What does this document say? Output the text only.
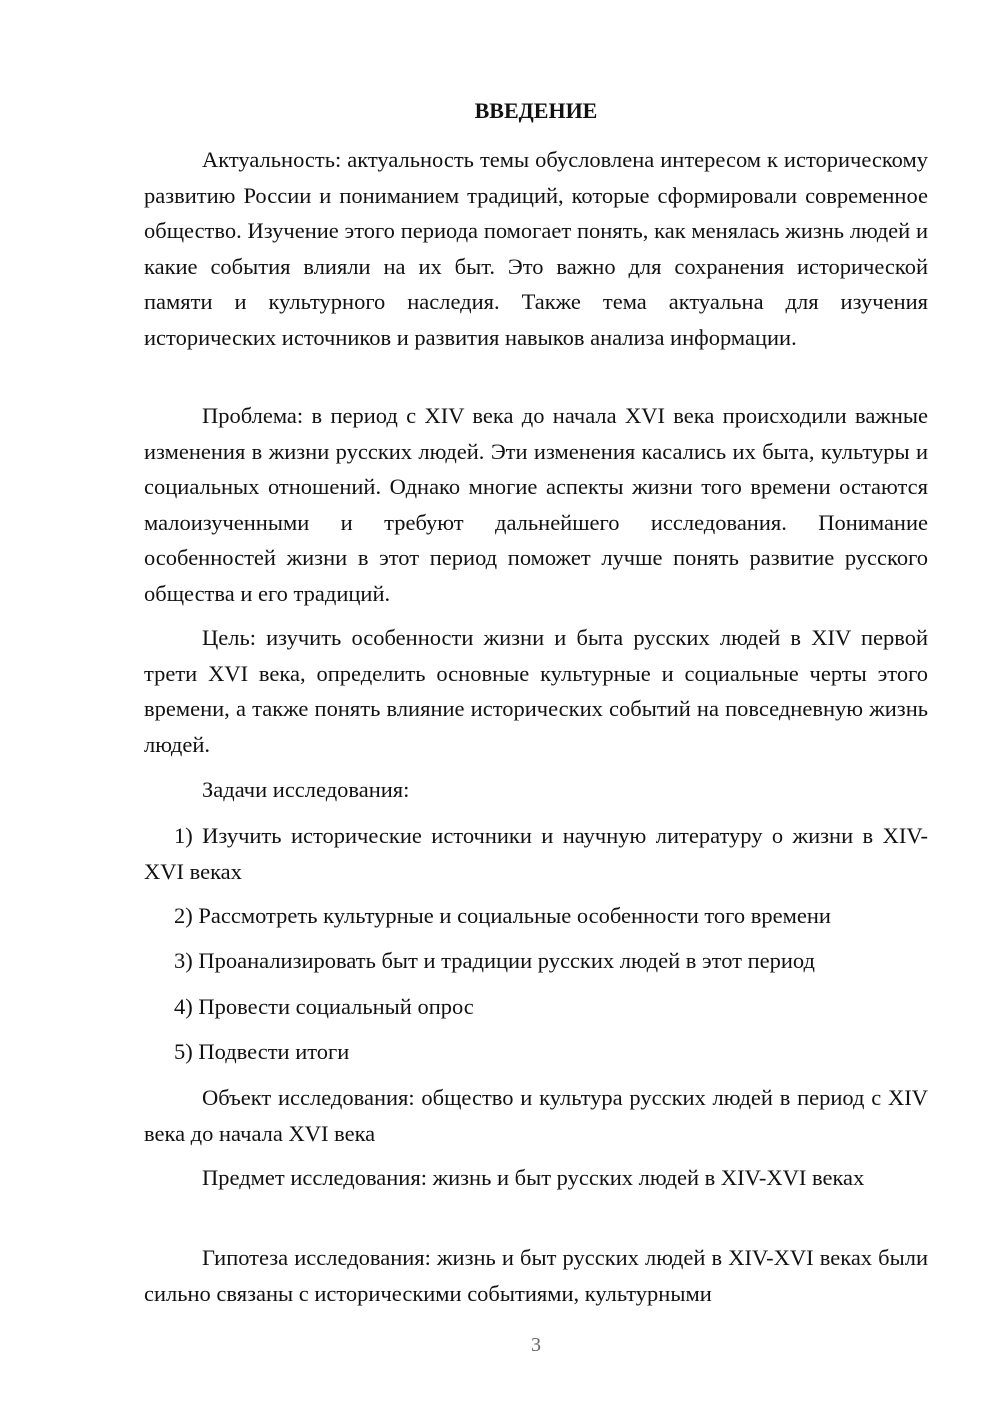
ВВЕДЕНИЕ

Актуальность: актуальность темы обусловлена интересом к историческому развитию России и пониманием традиций, которые сформировали современное общество. Изучение этого периода помогает понять, как менялась жизнь людей и какие события влияли на их быт. Это важно для сохранения исторической памяти и культурного наследия. Также тема актуальна для изучения исторических источников и развития навыков анализа информации.

Проблема: в период с XIV века до начала XVI века происходили важные изменения в жизни русских людей. Эти изменения касались их быта, культуры и социальных отношений. Однако многие аспекты жизни того времени остаются малоизученными и требуют дальнейшего исследования. Понимание особенностей жизни в этот период поможет лучше понять развитие русского общества и его традиций.

Цель: изучить особенности жизни и быта русских людей в XIV первой трети XVI века, определить основные культурные и социальные черты этого времени, а также понять влияние исторических событий на повседневную жизнь людей.

Задачи исследования:

1) Изучить исторические источники и научную литературу о жизни в XIV-XVI веках

2) Рассмотреть культурные и социальные особенности того времени

3) Проанализировать быт и традиции русских людей в этот период

4) Провести социальный опрос

5) Подвести итоги

Объект исследования: общество и культура русских людей в период с XIV века до начала XVI века

Предмет исследования: жизнь и быт русских людей в XIV-XVI веках

Гипотеза исследования: жизнь и быт русских людей в XIV-XVI веках были сильно связаны с историческими событиями, культурными

3
